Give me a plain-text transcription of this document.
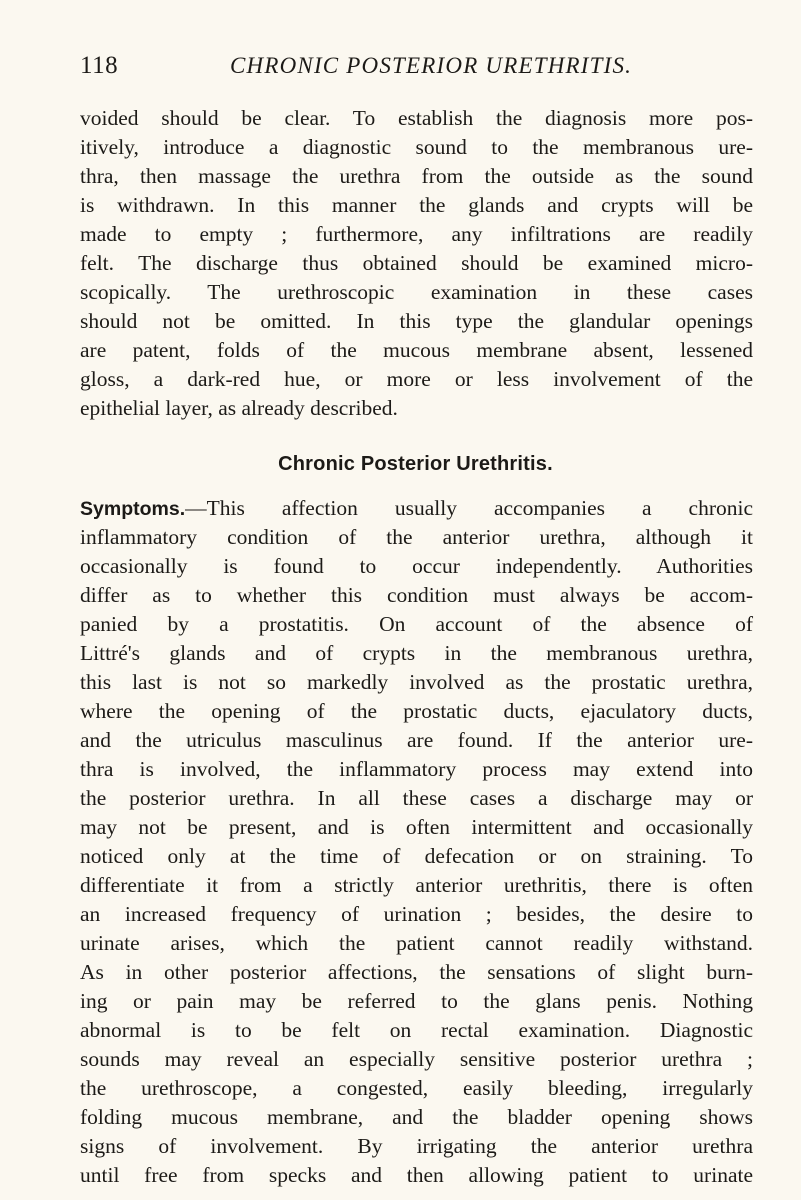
118	CHRONIC POSTERIOR URETHRITIS.
voided should be clear. To establish the diagnosis more pos-
itively, introduce a diagnostic sound to the membranous ure-
thra, then massage the urethra from the outside as the sound
is withdrawn. In this manner the glands and crypts will be
made to empty ; furthermore, any infiltrations are readily
felt. The discharge thus obtained should be examined micro-
scopically. The urethroscopic examination in these cases
should not be omitted. In this type the glandular openings
are patent, folds of the mucous membrane absent, lessened
gloss, a dark-red hue, or more or less involvement of the
epithelial layer, as already described.
Chronic Posterior Urethritis.
Symptoms.—This affection usually accompanies a chronic
inflammatory condition of the anterior urethra, although it
occasionally is found to occur independently. Authorities
differ as to whether this condition must always be accom-
panied by a prostatitis. On account of the absence of
Littré's glands and of crypts in the membranous urethra,
this last is not so markedly involved as the prostatic urethra,
where the opening of the prostatic ducts, ejaculatory ducts,
and the utriculus masculinus are found. If the anterior ure-
thra is involved, the inflammatory process may extend into
the posterior urethra. In all these cases a discharge may or
may not be present, and is often intermittent and occasionally
noticed only at the time of defecation or on straining. To
differentiate it from a strictly anterior urethritis, there is often
an increased frequency of urination ; besides, the desire to
urinate arises, which the patient cannot readily withstand.
As in other posterior affections, the sensations of slight burn-
ing or pain may be referred to the glans penis. Nothing
abnormal is to be felt on rectal examination. Diagnostic
sounds may reveal an especially sensitive posterior urethra ;
the urethroscope, a congested, easily bleeding, irregularly
folding mucous membrane, and the bladder opening shows
signs of involvement. By irrigating the anterior urethra
until free from specks and then allowing patient to urinate
